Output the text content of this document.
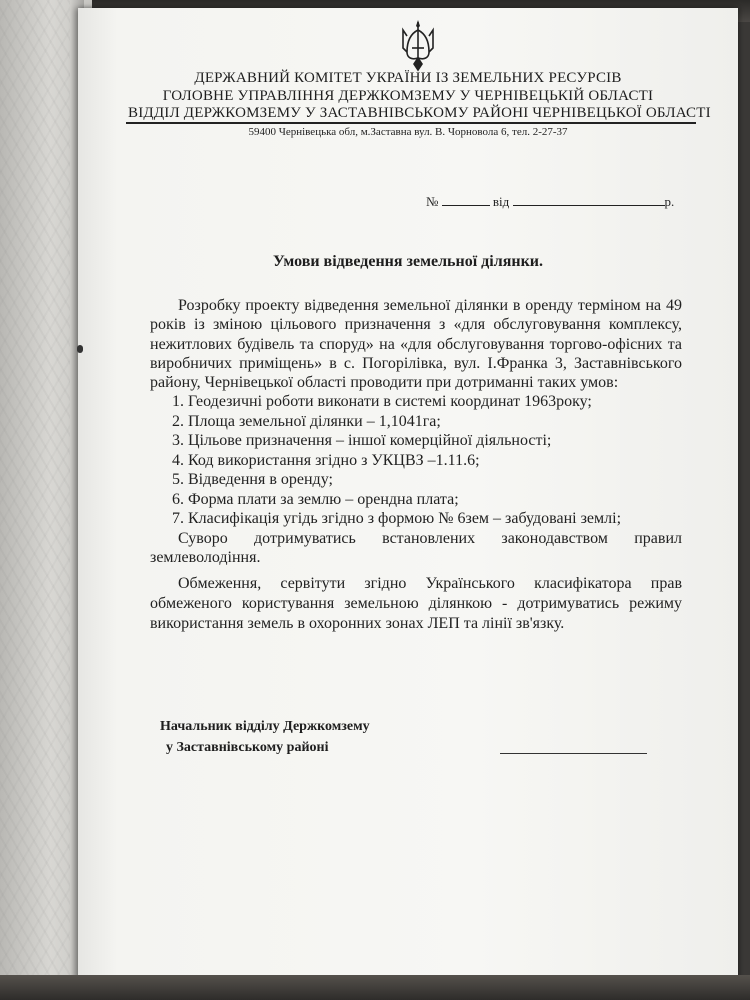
ДЕРЖАВНИЙ КОМІТЕТ УКРАЇНИ ІЗ ЗЕМЕЛЬНИХ РЕСУРСІВ
ГОЛОВНЕ УПРАВЛІННЯ ДЕРЖКОМЗЕМУ У ЧЕРНІВЕЦЬКІЙ ОБЛАСТІ
ВІДДІЛ ДЕРЖКОМЗЕМУ У ЗАСТАВНІВСЬКОМУ РАЙОНІ ЧЕРНІВЕЦЬКОЇ ОБЛАСТІ
59400 Чернівецька обл, м.Заставна вул. В. Чорновола 6, тел. 2-27-37
№	від	р.
Умови відведення земельної ділянки.

Розробку проекту відведення земельної ділянки в оренду терміном на 49 років із зміною цільового призначення з «для обслуговування комплексу, нежитлових будівель та споруд» на «для обслуговування торгово-офісних та виробничих приміщень» в с. Погорілівка, вул. І.Франка 3, Заставнівського району, Чернівецької області проводити при дотриманні таких умов:

1. Геодезичні роботи виконати в системі координат 1963року;
2. Площа земельної ділянки – 1,1041га;
3. Цільове призначення – іншої комерційної діяльності;
4. Код використання згідно з УКЦВЗ –1.11.6;
5. Відведення в оренду;
6. Форма плати за землю – орендна плата;
7. Класифікація угідь згідно з формою № 6зем – забудовані землі;

Суворо дотримуватись встановлених законодавством правил землеволодіння.

Обмеження, сервітути згідно Українського класифікатора прав обмеженого користування земельною ділянкою - дотримуватись режиму використання земель в охоронних зонах ЛЕП та лінії зв'язку.

Начальник відділу Держкомзему
у Заставнівському районі
